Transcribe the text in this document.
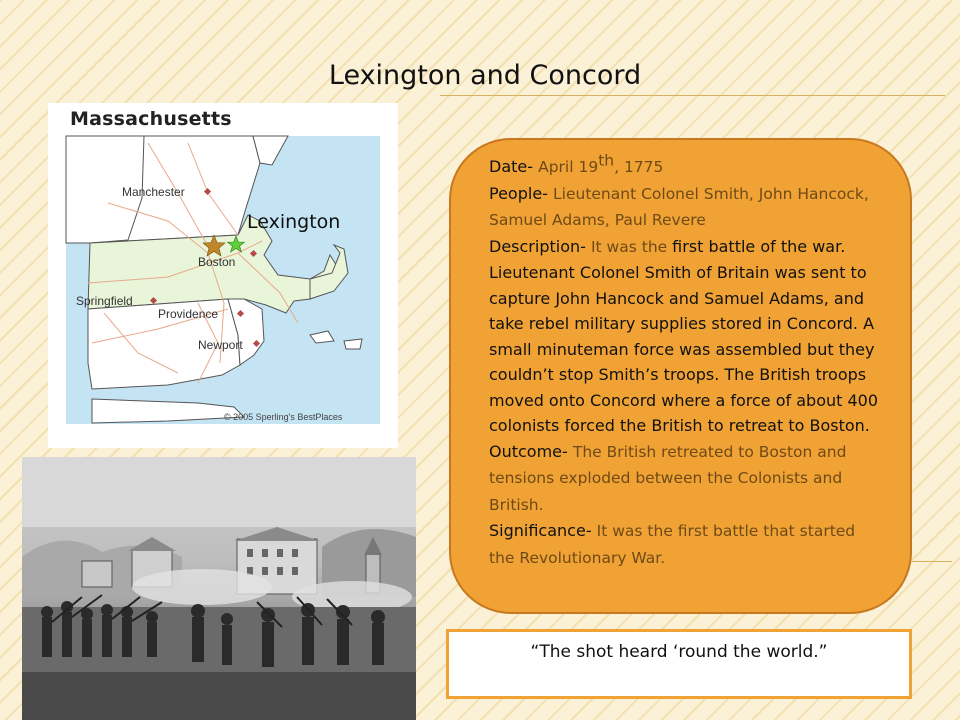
Lexington and Concord
Massachusetts
Lexington
Manchester
Boston
Springfield
Providence
Newport
© 2005 Sperling's BestPlaces

Date- April 19th, 1775

People- Lieutenant Colonel Smith, John Hancock, Samuel Adams, Paul Revere

Description- It was the first battle of the war. Lieutenant Colonel Smith of Britain was sent to capture John Hancock and Samuel Adams, and take rebel military supplies stored in Concord. A small minuteman force was assembled but they couldn’t stop Smith’s troops. The British troops moved onto Concord where a force of about 400 colonists forced the British to retreat to Boston.

Outcome- The British retreated to Boston and tensions exploded between the Colonists and British.

Significance- It was the first battle that started the Revolutionary War.

“The shot heard ‘round the world.”
